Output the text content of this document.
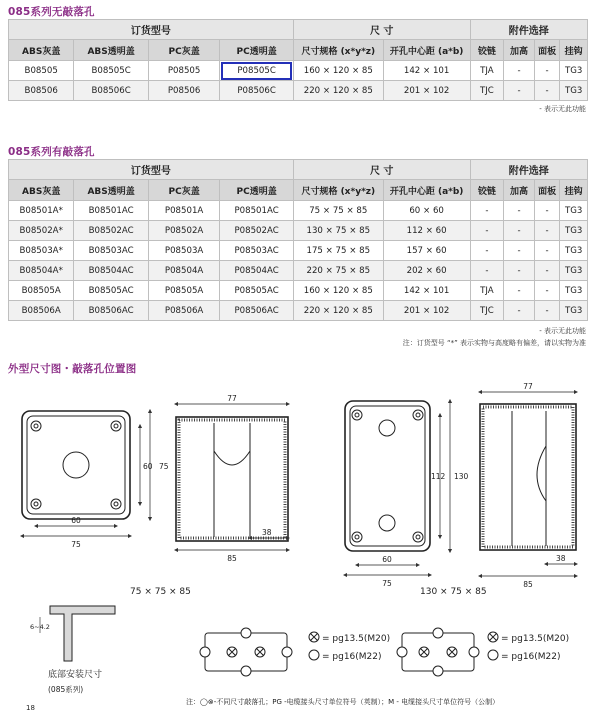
085系列无敲落孔
订货型号				尺 寸		附件选择			
ABS灰盖	ABS透明盖	PC灰盖	PC透明盖	尺寸规格 (x*y*z)	开孔中心距 (a*b)	铰链	加高	面板	挂钩
B08505	B08505C	P08505	P08505C	160 × 120 × 85	142 × 101	TJA	-	-	TG3
B08506	B08506C	P08506	P08506C	220 × 120 × 85	201 × 102	TJC	-	-	TG3
- 表示无此功能
085系列有敲落孔
订货型号				尺 寸		附件选择			
ABS灰盖	ABS透明盖	PC灰盖	PC透明盖	尺寸规格 (x*y*z)	开孔中心距 (a*b)	铰链	加高	面板	挂钩
B08501A*	B08501AC	P08501A	P08501AC	75 × 75 × 85	60 × 60	-	-	-	TG3
B08502A*	B08502AC	P08502A	P08502AC	130 × 75 × 85	112 × 60	-	-	-	TG3
B08503A*	B08503AC	P08503A	P08503AC	175 × 75 × 85	157 × 60	-	-	-	TG3
B08504A*	B08504AC	P08504A	P08504AC	220 × 75 × 85	202 × 60	-	-	-	TG3
B08505A	B08505AC	P08505A	P08505AC	160 × 120 × 85	142 × 101	TJA	-	-	TG3
B08506A	B08506AC	P08506A	P08506AC	220 × 120 × 85	201 × 102	TJC	-	-	TG3
- 表示无此功能
注：订货型号 “*” 表示实物与高度略有偏差，请以实物为准
外型尺寸图・敲落孔位置图
75
60
75
60
77
85
38
75
60
130
112
77
85
38
6~4.2
= pg13.5(M20)
= pg16(M22)
= pg13.5(M20)
= pg16(M22)
75 × 75 × 85	130 × 75 × 85
底部安装尺寸
(085系列)
注：◯⊗-不同尺寸敲落孔；PG -电缆接头尺寸单位符号（英制）；M - 电缆接头尺寸单位符号（公制）
18
